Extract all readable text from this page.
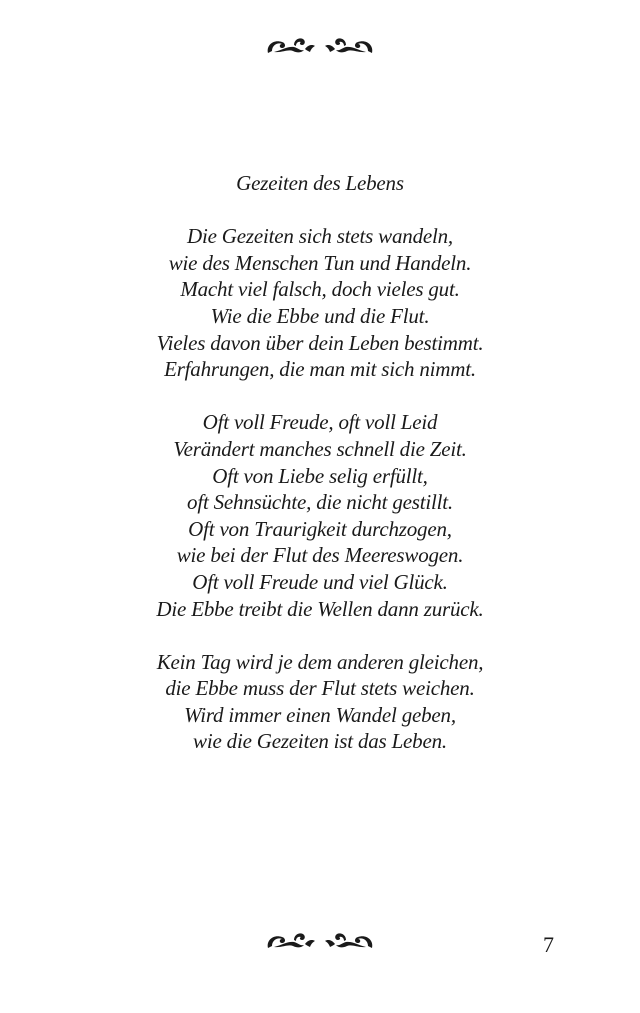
Gezeiten des Lebens
Die Gezeiten sich stets wandeln,
wie des Menschen Tun und Handeln.
Macht viel falsch, doch vieles gut.
Wie die Ebbe und die Flut.
Vieles davon über dein Leben bestimmt.
Erfahrungen, die man mit sich nimmt.
Oft voll Freude, oft voll Leid
Verändert manches schnell die Zeit.
Oft von Liebe selig erfüllt,
oft Sehnsüchte, die nicht gestillt.
Oft von Traurigkeit durchzogen,
wie bei der Flut des Meereswogen.
Oft voll Freude und viel Glück.
Die Ebbe treibt die Wellen dann zurück.
Kein Tag wird je dem anderen gleichen,
die Ebbe muss der Flut stets weichen.
Wird immer einen Wandel geben,
wie die Gezeiten ist das Leben.
7
